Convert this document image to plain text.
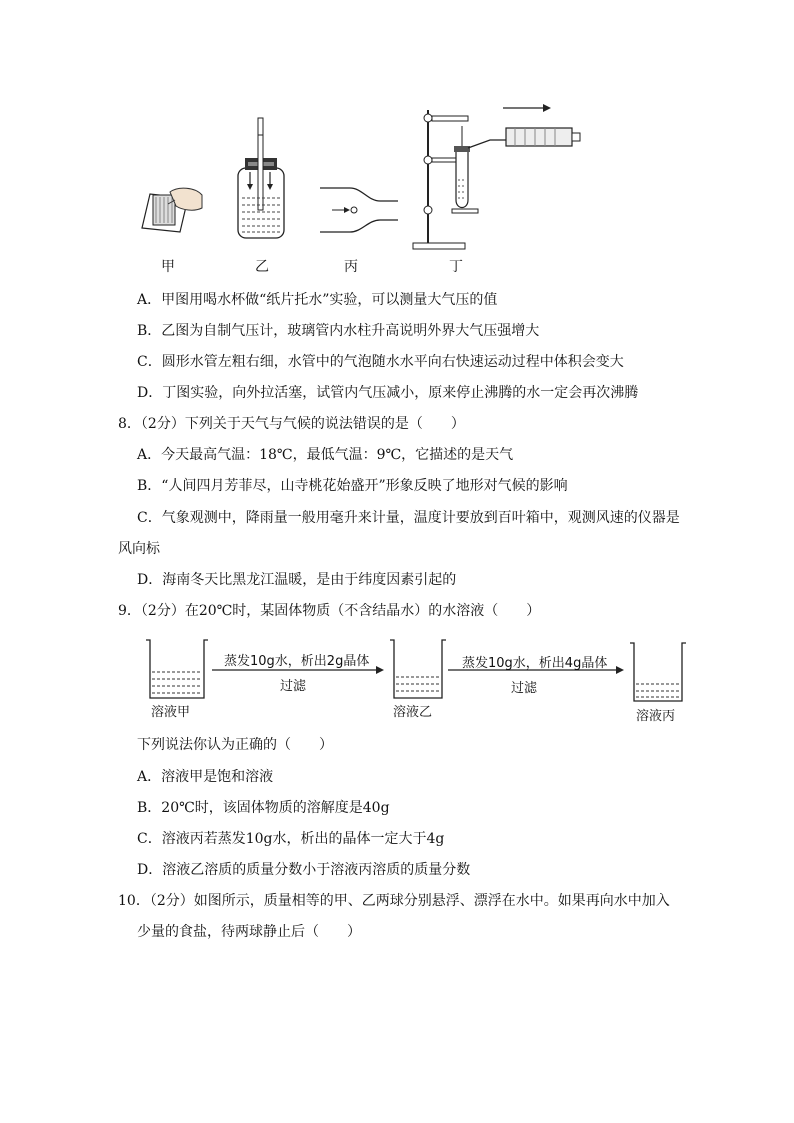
甲	乙	丙	丁
A．甲图用喝水杯做“纸片托水”实验，可以测量大气压的值
B．乙图为自制气压计，玻璃管内水柱升高说明外界大气压强增大
C．圆形水管左粗右细，水管中的气泡随水水平向右快速运动过程中体积会变大
D．丁图实验，向外拉活塞，试管内气压减小，原来停止沸腾的水一定会再次沸腾
8．（2分）下列关于天气与气候的说法错误的是（　　）
A．今天最高气温：18℃，最低气温：9℃，它描述的是天气
B．“人间四月芳菲尽，山寺桃花始盛开”形象反映了地形对气候的影响
C．气象观测中，降雨量一般用毫升来计量，温度计要放到百叶箱中，观测风速的仪器是
风向标
D．海南冬天比黑龙江温暖，是由于纬度因素引起的
9．（2分）在20℃时，某固体物质（不含结晶水）的水溶液（　　）
蒸发10g水，析出2g晶体
过滤
蒸发10g水，析出4g晶体
过滤
溶液甲	溶液乙	溶液丙
下列说法你认为正确的（　　）
A．溶液甲是饱和溶液
B．20℃时，该固体物质的溶解度是40g
C．溶液丙若蒸发10g水，析出的晶体一定大于4g
D．溶液乙溶质的质量分数小于溶液丙溶质的质量分数
10．（2分）如图所示，质量相等的甲、乙两球分别悬浮、漂浮在水中。如果再向水中加入
少量的食盐，待两球静止后（　　）
